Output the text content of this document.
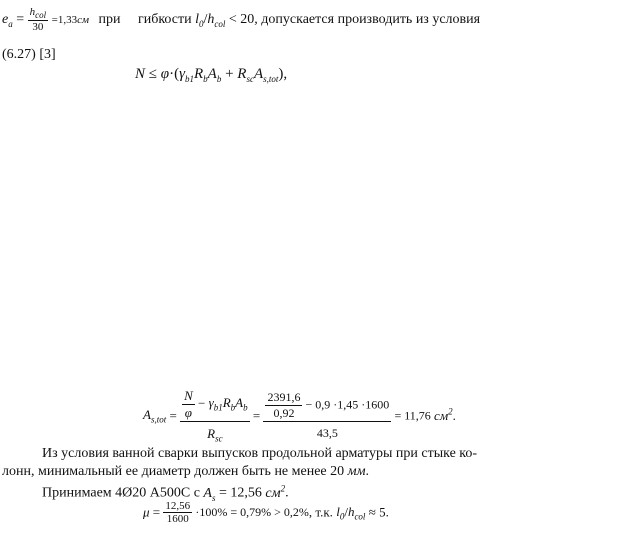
$e_a = \frac{h_{col}}{30} =1,33см$ при гибкости $l_0/h_{col} < 20$, допускается производить из условия
(6.27) [3]
$N \le \varphi\cdot(\gamma_{b1}R_bA_b + R_{sc}A_{s,tot})$,
$A_{s,tot} = \frac{\frac{N}{\varphi} - \gamma_{b1}R_bA_b}{R_{sc}} = \frac{\frac{2391,6}{0,92} - 0,9 \cdot 1,45 \cdot 1600}{43,5} = 11,76$ $см^2$.
Из условия ванной сварки выпусков продольной арматуры при стыке ко-
лонн, минимальный ее диаметр должен быть не менее 20 мм.
Принимаем 4Ø20 А500С с $A_s = 12,56$ $см^2$.
$\mu = \frac{12,56}{1600} \cdot 100\% = 0,79\% > 0,2\%$, т.к. $l_0/h_{col} \approx 5$.
